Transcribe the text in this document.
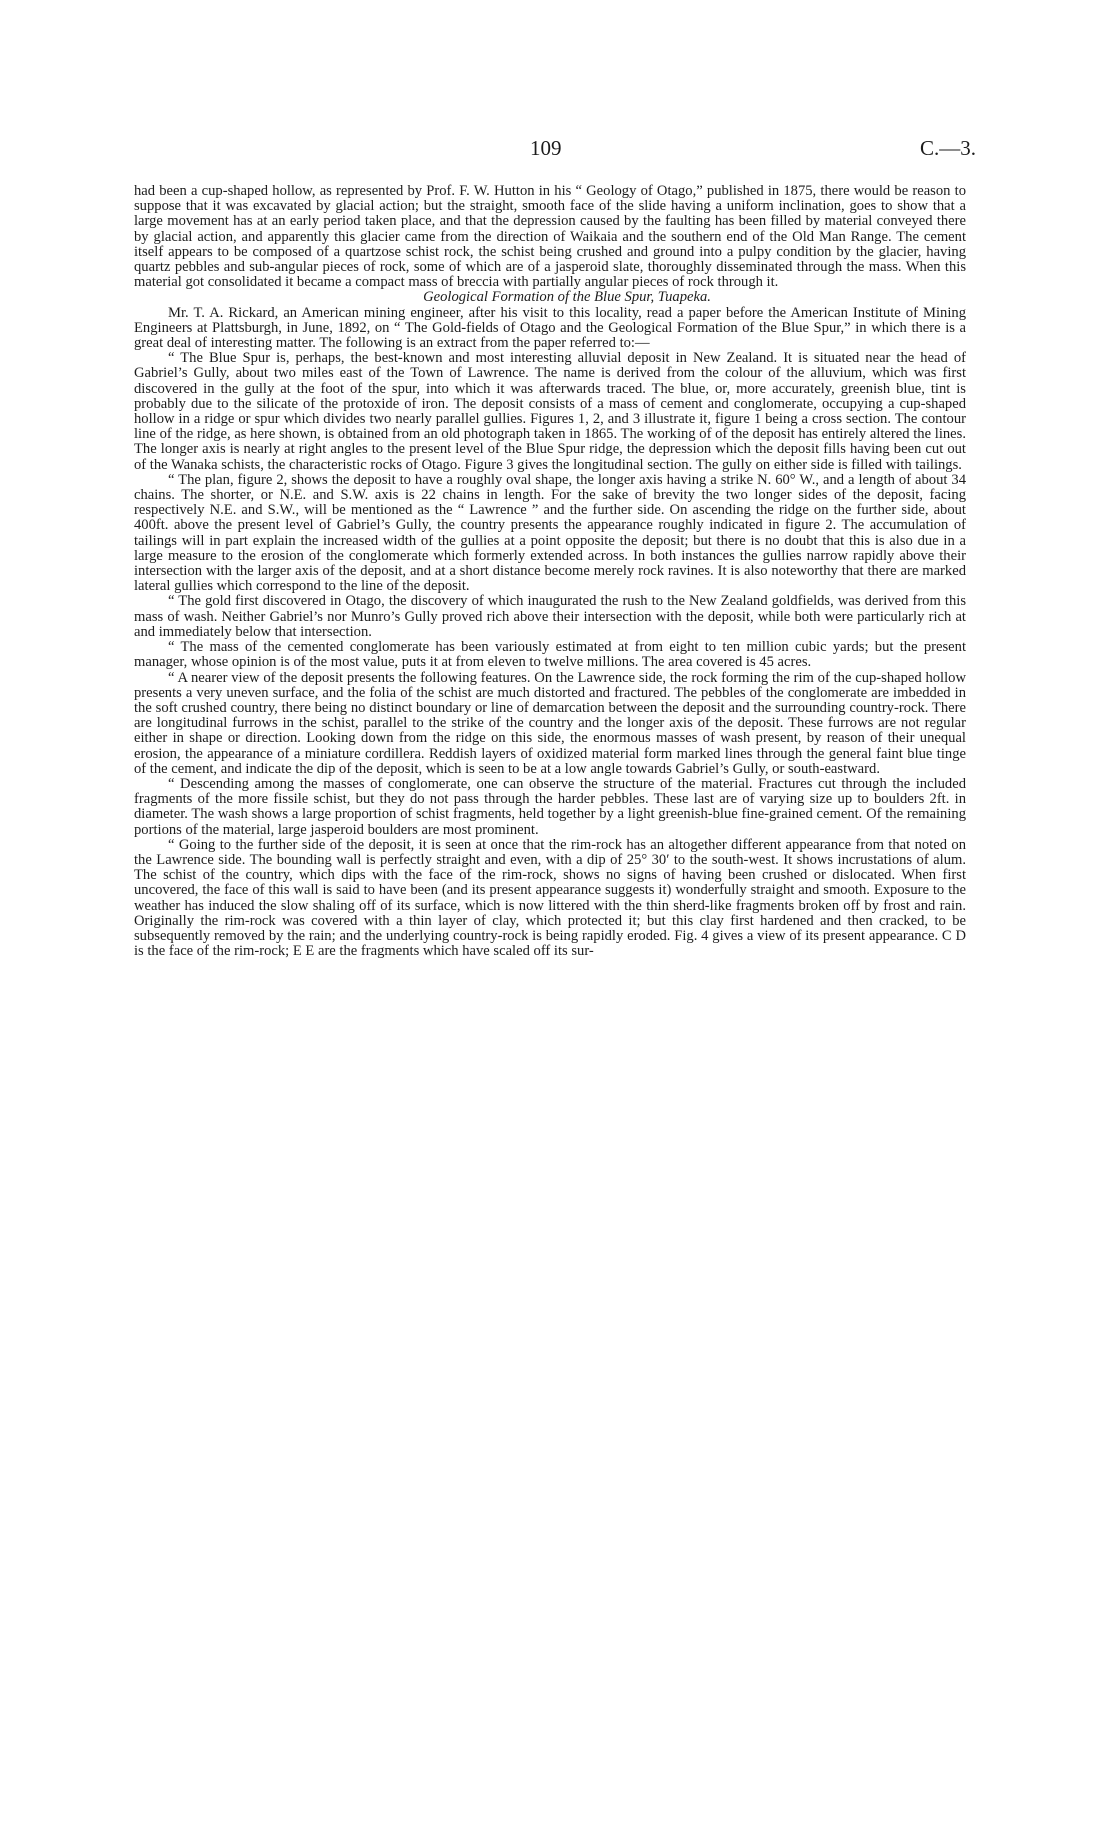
109	C.—3.

had been a cup-shaped hollow, as represented by Prof. F. W. Hutton in his “ Geology of Otago,” published in 1875, there would be reason to suppose that it was excavated by glacial action; but the straight, smooth face of the slide having a uniform inclination, goes to show that a large movement has at an early period taken place, and that the depression caused by the faulting has been filled by material conveyed there by glacial action, and apparently this glacier came from the direction of Waikaia and the southern end of the Old Man Range. The cement itself appears to be composed of a quartzose schist rock, the schist being crushed and ground into a pulpy condition by the glacier, having quartz pebbles and sub-angular pieces of rock, some of which are of a jasperoid slate, thoroughly disseminated through the mass. When this material got consolidated it became a compact mass of breccia with partially angular pieces of rock through it.

Geological Formation of the Blue Spur, Tuapeka.

Mr. T. A. Rickard, an American mining engineer, after his visit to this locality, read a paper before the American Institute of Mining Engineers at Plattsburgh, in June, 1892, on “ The Gold-fields of Otago and the Geological Formation of the Blue Spur,” in which there is a great deal of interesting matter. The following is an extract from the paper referred to:—

“ The Blue Spur is, perhaps, the best-known and most interesting alluvial deposit in New Zealand. It is situated near the head of Gabriel’s Gully, about two miles east of the Town of Lawrence. The name is derived from the colour of the alluvium, which was first discovered in the gully at the foot of the spur, into which it was afterwards traced. The blue, or, more accurately, greenish blue, tint is probably due to the silicate of the protoxide of iron. The deposit consists of a mass of cement and conglomerate, occupying a cup-shaped hollow in a ridge or spur which divides two nearly parallel gullies. Figures 1, 2, and 3 illustrate it, figure 1 being a cross section. The contour line of the ridge, as here shown, is obtained from an old photograph taken in 1865. The working of of the deposit has entirely altered the lines. The longer axis is nearly at right angles to the present level of the Blue Spur ridge, the depression which the deposit fills having been cut out of the Wanaka schists, the characteristic rocks of Otago. Figure 3 gives the longitudinal section. The gully on either side is filled with tailings.

“ The plan, figure 2, shows the deposit to have a roughly oval shape, the longer axis having a strike N. 60° W., and a length of about 34 chains. The shorter, or N.E. and S.W. axis is 22 chains in length. For the sake of brevity the two longer sides of the deposit, facing respectively N.E. and S.W., will be mentioned as the “ Lawrence ” and the further side. On ascending the ridge on the further side, about 400ft. above the present level of Gabriel’s Gully, the country presents the appearance roughly indicated in figure 2. The accumulation of tailings will in part explain the increased width of the gullies at a point opposite the deposit; but there is no doubt that this is also due in a large measure to the erosion of the conglomerate which formerly extended across. In both instances the gullies narrow rapidly above their intersection with the larger axis of the deposit, and at a short distance become merely rock ravines. It is also noteworthy that there are marked lateral gullies which correspond to the line of the deposit.

“ The gold first discovered in Otago, the discovery of which inaugurated the rush to the New Zealand goldfields, was derived from this mass of wash. Neither Gabriel’s nor Munro’s Gully proved rich above their intersection with the deposit, while both were particularly rich at and immediately below that intersection.

“ The mass of the cemented conglomerate has been variously estimated at from eight to ten million cubic yards; but the present manager, whose opinion is of the most value, puts it at from eleven to twelve millions. The area covered is 45 acres.

“ A nearer view of the deposit presents the following features. On the Lawrence side, the rock forming the rim of the cup-shaped hollow presents a very uneven surface, and the folia of the schist are much distorted and fractured. The pebbles of the conglomerate are imbedded in the soft crushed country, there being no distinct boundary or line of demarcation between the deposit and the surrounding country-rock. There are longitudinal furrows in the schist, parallel to the strike of the country and the longer axis of the deposit. These furrows are not regular either in shape or direction. Looking down from the ridge on this side, the enormous masses of wash present, by reason of their unequal erosion, the appearance of a miniature cordillera. Reddish layers of oxidized material form marked lines through the general faint blue tinge of the cement, and indicate the dip of the deposit, which is seen to be at a low angle towards Gabriel’s Gully, or south-eastward.

“ Descending among the masses of conglomerate, one can observe the structure of the material. Fractures cut through the included fragments of the more fissile schist, but they do not pass through the harder pebbles. These last are of varying size up to boulders 2ft. in diameter. The wash shows a large proportion of schist fragments, held together by a light greenish-blue fine-grained cement. Of the remaining portions of the material, large jasperoid boulders are most prominent.

“ Going to the further side of the deposit, it is seen at once that the rim-rock has an altogether different appearance from that noted on the Lawrence side. The bounding wall is perfectly straight and even, with a dip of 25° 30′ to the south-west. It shows incrustations of alum. The schist of the country, which dips with the face of the rim-rock, shows no signs of having been crushed or dislocated. When first uncovered, the face of this wall is said to have been (and its present appearance suggests it) wonderfully straight and smooth. Exposure to the weather has induced the slow shaling off of its surface, which is now littered with the thin sherd-like fragments broken off by frost and rain. Originally the rim-rock was covered with a thin layer of clay, which protected it; but this clay first hardened and then cracked, to be subsequently removed by the rain; and the underlying country-rock is being rapidly eroded. Fig. 4 gives a view of its present appearance. C D is the face of the rim-rock; E E are the fragments which have scaled off its sur-
